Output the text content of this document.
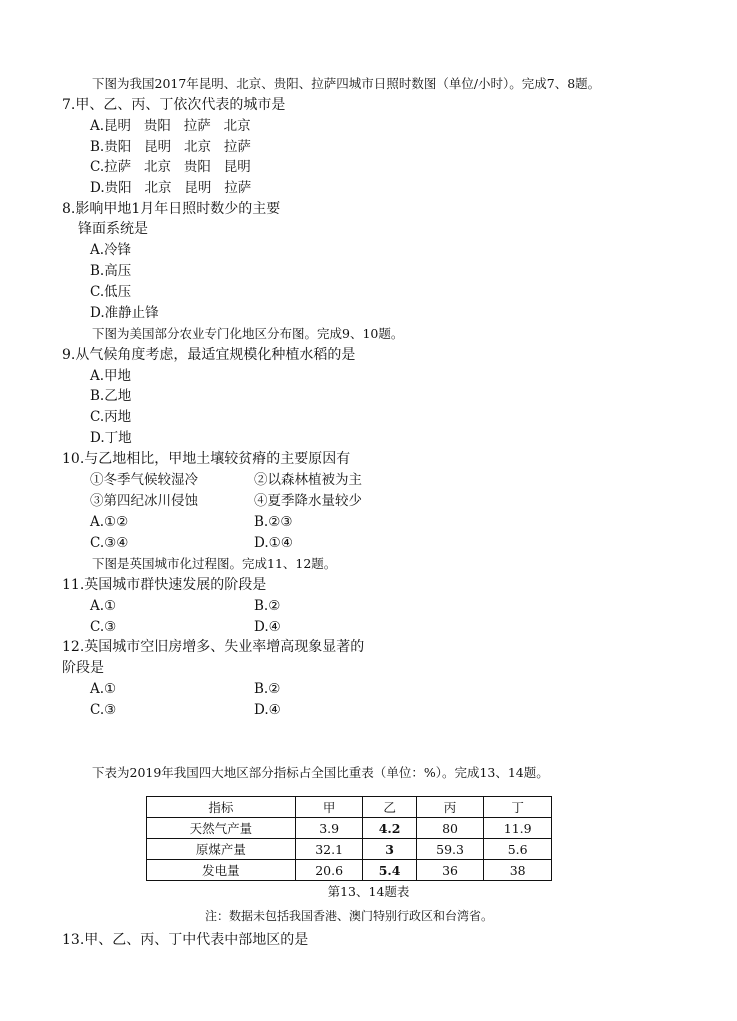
下图为我国2017年昆明、北京、贵阳、拉萨四城市日照时数图（单位/小时）。完成7、8题。
7.甲、乙、丙、丁依次代表的城市是
A.昆明   贵阳   拉萨   北京
B.贵阳   昆明   北京   拉萨
C.拉萨   北京   贵阳   昆明
D.贵阳   北京   昆明   拉萨
8.影响甲地1月年日照时数少的主要
锋面系统是
A.冷锋
B.高压
C.低压
D.准静止锋
下图为美国部分农业专门化地区分布图。完成9、10题。
9.从气候角度考虑，最适宜规模化种植水稻的是
A.甲地
B.乙地
C.丙地
D.丁地
10.与乙地相比，甲地土壤较贫瘠的主要原因有
①冬季气候较湿冷	②以森林植被为主
③第四纪冰川侵蚀	④夏季降水量较少
A.①②	B.②③
C.③④	D.①④
下图是英国城市化过程图。完成11、12题。
11.英国城市群快速发展的阶段是
A.①	B.②
C.③	D.④
12.英国城市空旧房增多、失业率增高现象显著的
阶段是
A.①	B.②
C.③	D.④
下表为2019年我国四大地区部分指标占全国比重表（单位：%）。完成13、14题。
注：数据未包括我国香港、澳门特别行政区和台湾省。
13.甲、乙、丙、丁中代表中部地区的是
指标	甲	乙	丙	丁
天然气产量	3.9	4.2	80	11.9
原煤产量	32.1	3	59.3	5.6
发电量	20.6	5.4	36	38
第13、14题表
